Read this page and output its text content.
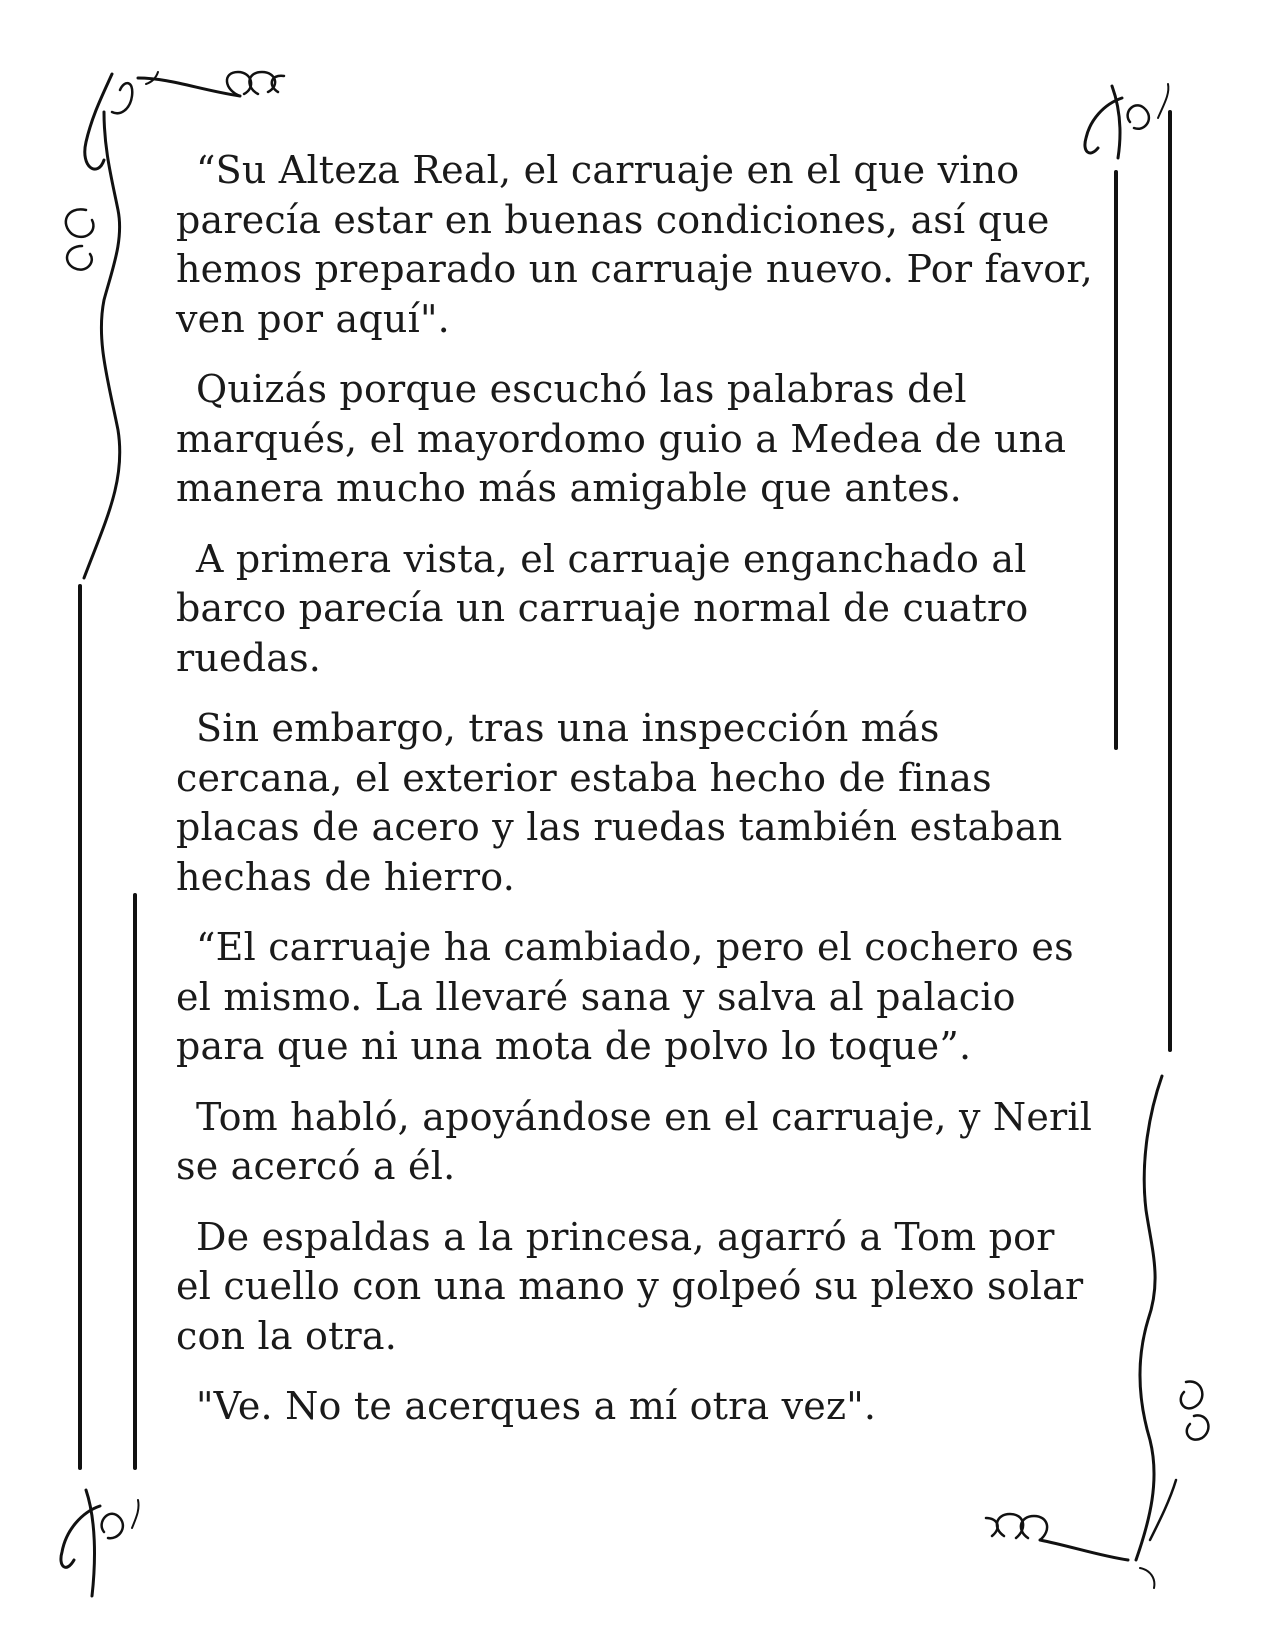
“Su Alteza Real, el carruaje en el que vino parecía estar en buenas condiciones, así que hemos preparado un carruaje nuevo. Por favor, ven por aquí".

Quizás porque escuchó las palabras del marqués, el mayordomo guio a Medea de una manera mucho más amigable que antes.

A primera vista, el carruaje enganchado al barco parecía un carruaje normal de cuatro ruedas.

Sin embargo, tras una inspección más cercana, el exterior estaba hecho de finas placas de acero y las ruedas también estaban hechas de hierro.

“El carruaje ha cambiado, pero el cochero es el mismo. La llevaré sana y salva al palacio para que ni una mota de polvo lo toque”.

Tom habló, apoyándose en el carruaje, y Neril se acercó a él.

De espaldas a la princesa, agarró a Tom por el cuello con una mano y golpeó su plexo solar con la otra.

"Ve. No te acerques a mí otra vez".
